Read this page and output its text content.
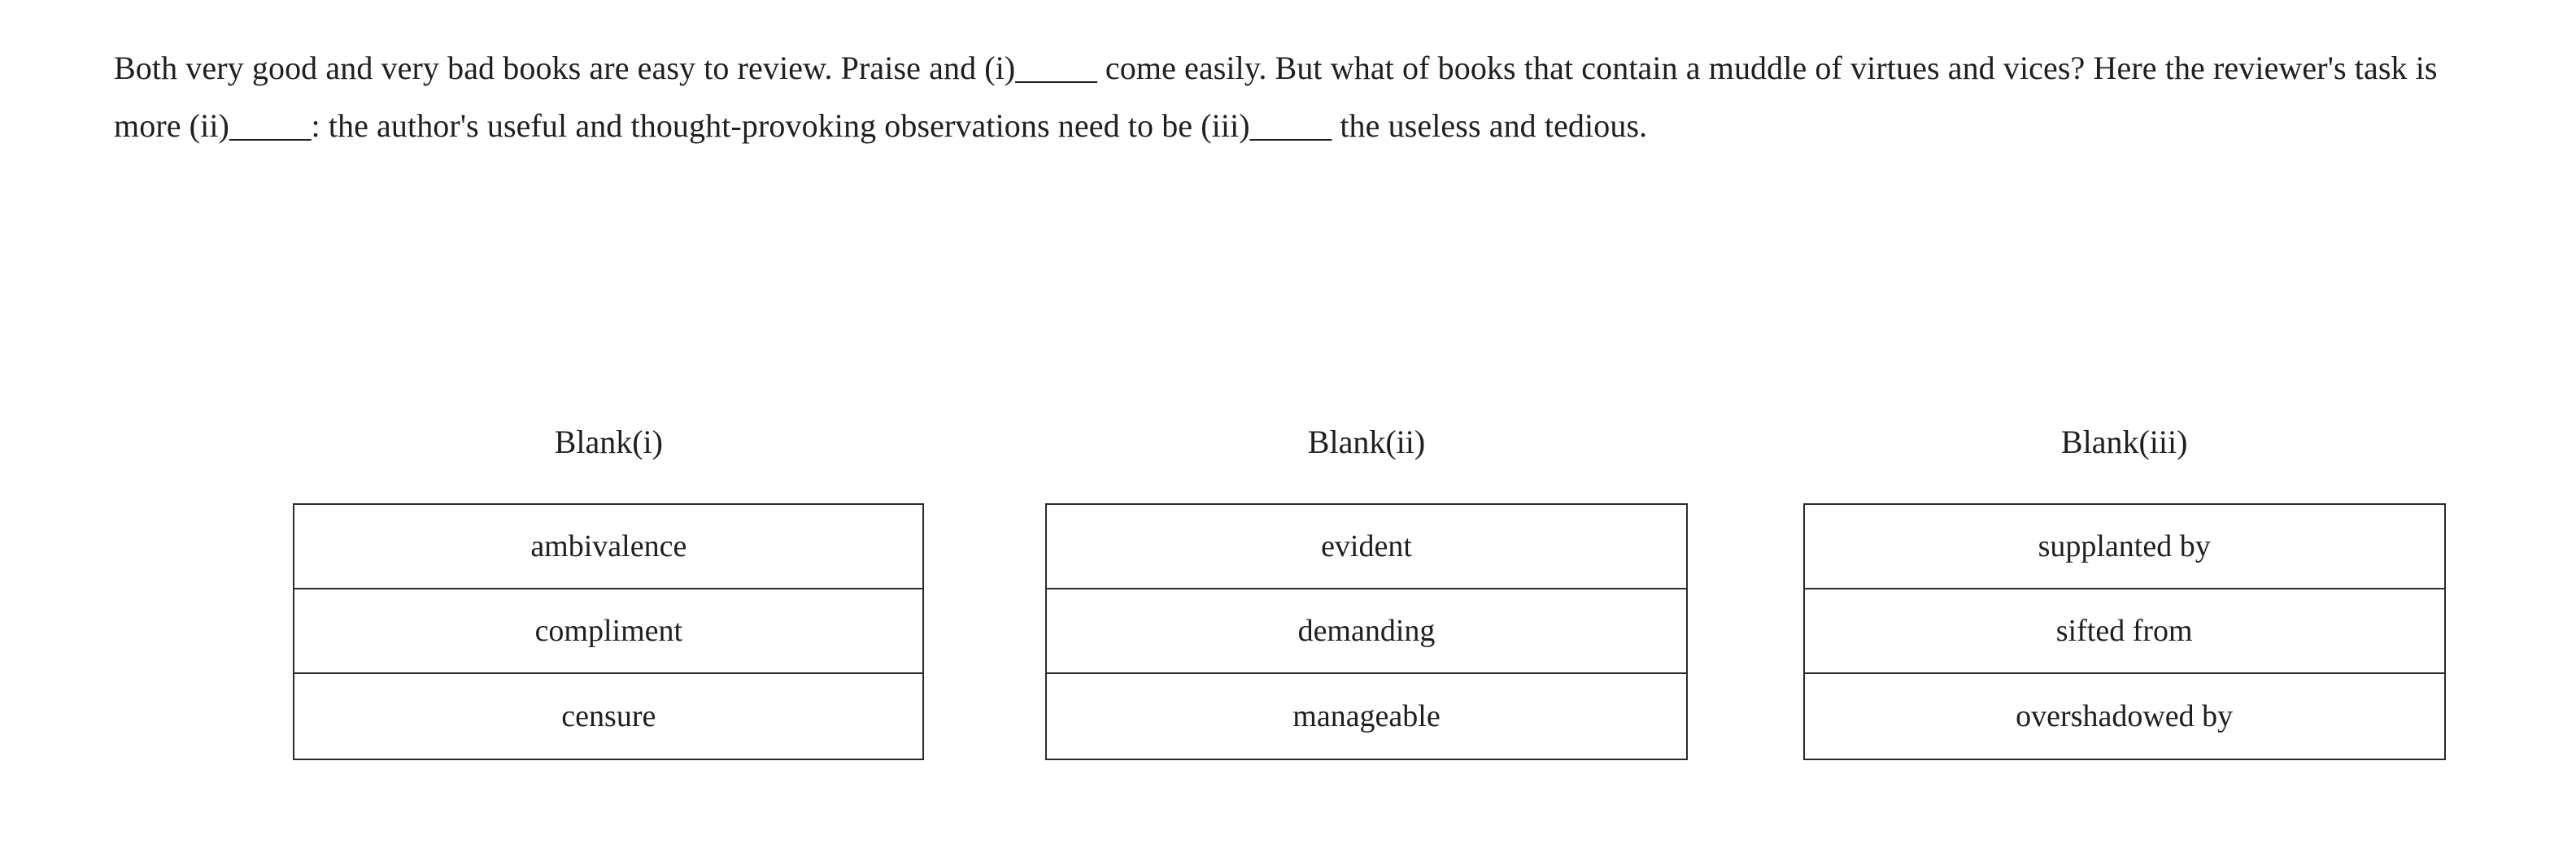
Both very good and very bad books are easy to review. Praise and (i)_____ come easily. But what of books that contain a muddle of virtues and vices? Here the reviewer's task is more (ii)_____: the author's useful and thought-provoking observations need to be (iii)_____ the useless and tedious.
Blank(i)
ambivalence
compliment
censure
Blank(ii)
evident
demanding
manageable
Blank(iii)
supplanted by
sifted from
overshadowed by
